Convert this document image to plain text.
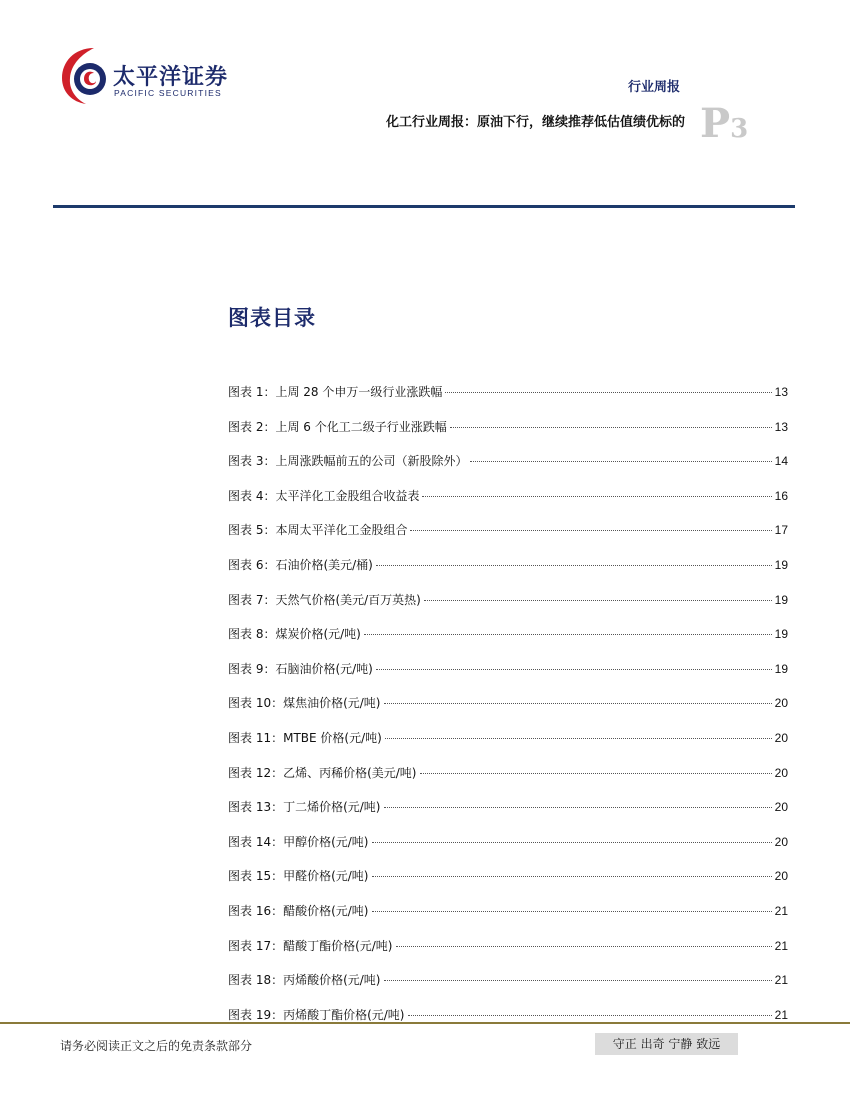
太平洋证券
PACIFIC SECURITIES	行业周报
化工行业周报：原油下行，继续推荐低估值绩优标的 P3
图表目录
图表 1：上周 28 个申万一级行业涨跌幅	13
图表 2：上周 6 个化工二级子行业涨跌幅	13
图表 3：上周涨跌幅前五的公司（新股除外）	14
图表 4：太平洋化工金股组合收益表	16
图表 5：本周太平洋化工金股组合	17
图表 6：石油价格(美元/桶)	19
图表 7：天然气价格(美元/百万英热)	19
图表 8：煤炭价格(元/吨)	19
图表 9：石脑油价格(元/吨)	19
图表 10：煤焦油价格(元/吨)	20
图表 11：MTBE 价格(元/吨)	20
图表 12：乙烯、丙稀价格(美元/吨)	20
图表 13：丁二烯价格(元/吨)	20
图表 14：甲醇价格(元/吨)	20
图表 15：甲醛价格(元/吨)	20
图表 16：醋酸价格(元/吨)	21
图表 17：醋酸丁酯价格(元/吨)	21
图表 18：丙烯酸价格(元/吨)	21
图表 19：丙烯酸丁酯价格(元/吨)	21
请务必阅读正文之后的免责条款部分	守正 出奇 宁静 致远
